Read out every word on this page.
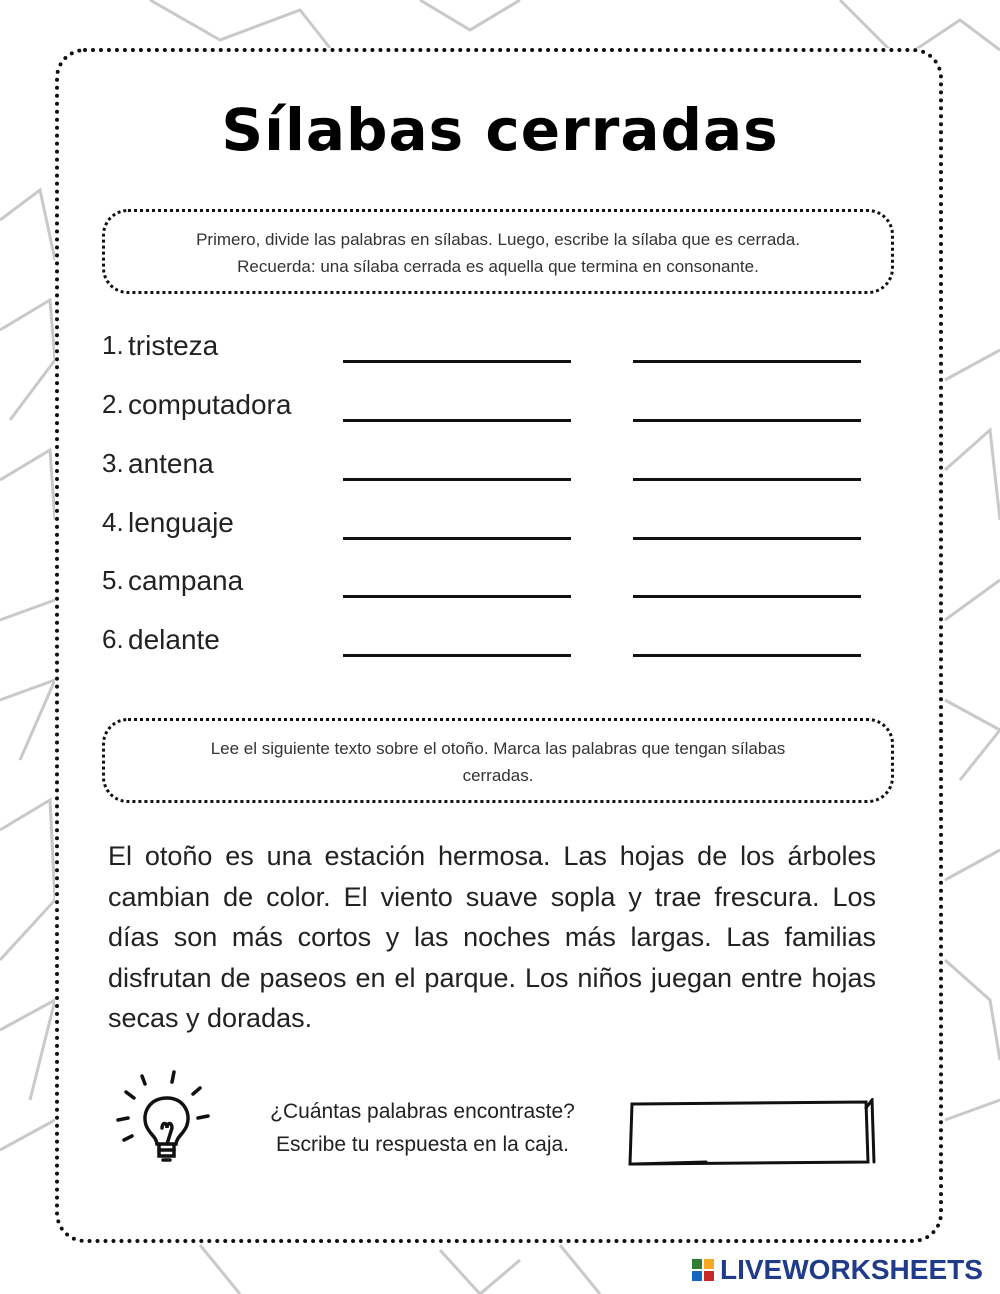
Sílabas cerradas
Primero, divide las palabras en sílabas. Luego, escribe la sílaba que es cerrada.
Recuerda: una sílaba cerrada es aquella que termina en consonante.
1. tristeza
2. computadora
3. antena
4. lenguaje
5. campana
6. delante
Lee el siguiente texto sobre el otoño. Marca las palabras que tengan sílabas
cerradas.
El otoño es una estación hermosa. Las hojas de los árboles cambian de color. El viento suave sopla y trae frescura. Los días son más cortos y las noches más largas. Las familias disfrutan de paseos en el parque. Los niños juegan entre hojas secas y doradas.
¿Cuántas palabras encontraste?
Escribe tu respuesta en la caja.
LIVEWORKSHEETS
